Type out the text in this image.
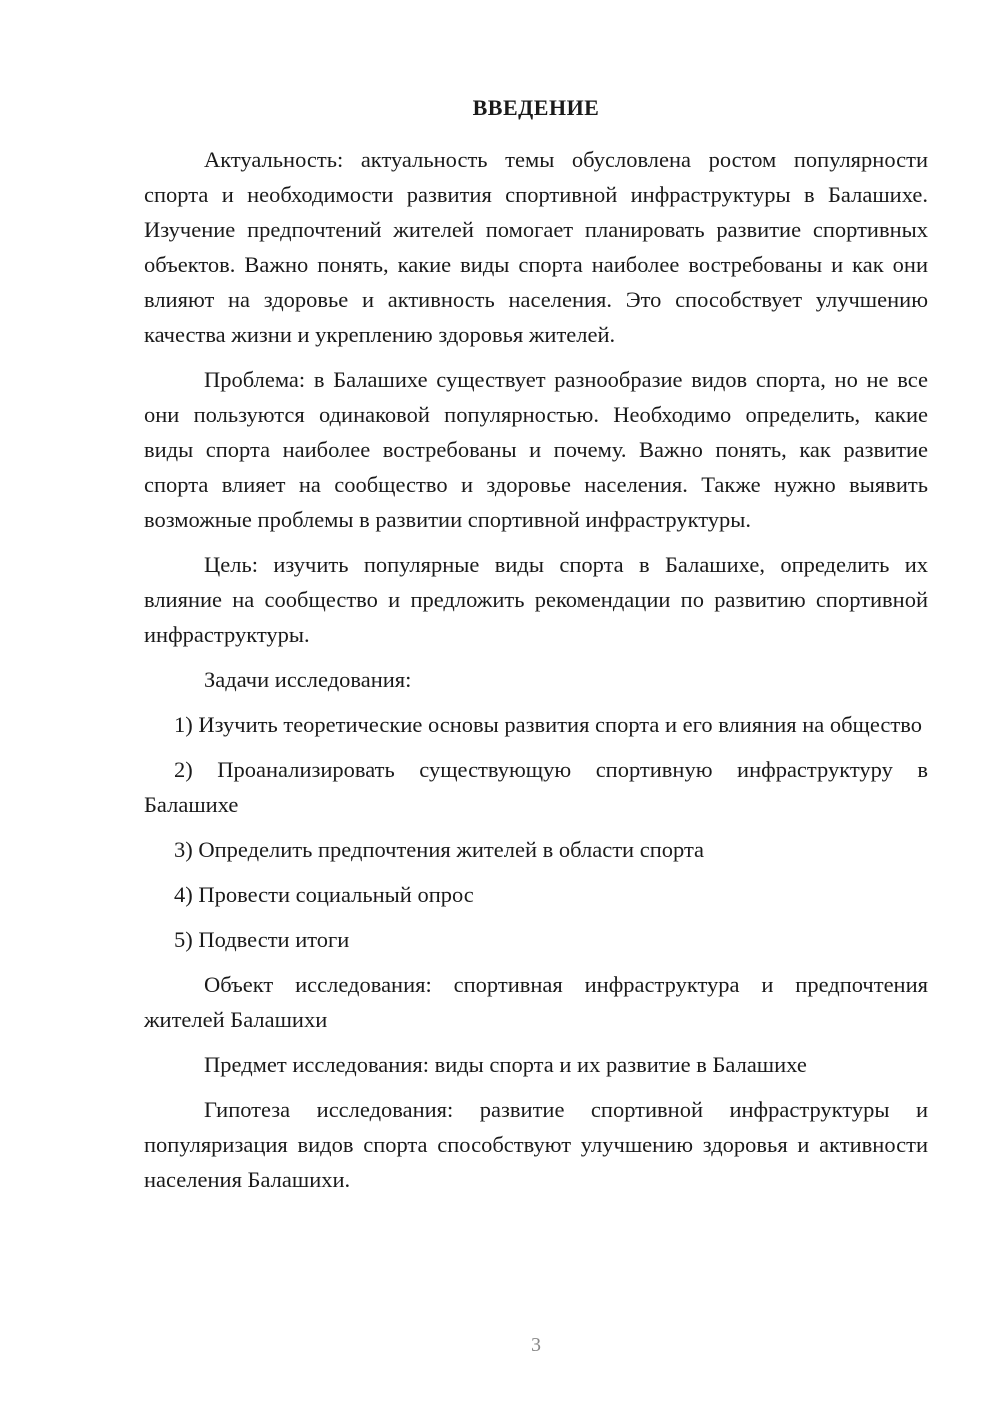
ВВЕДЕНИЕ

Актуальность: актуальность темы обусловлена ростом популярности спорта и необходимости развития спортивной инфраструктуры в Балашихе. Изучение предпочтений жителей помогает планировать развитие спортивных объектов. Важно понять, какие виды спорта наиболее востребованы и как они влияют на здоровье и активность населения. Это способствует улучшению качества жизни и укреплению здоровья жителей.

Проблема: в Балашихе существует разнообразие видов спорта, но не все они пользуются одинаковой популярностью. Необходимо определить, какие виды спорта наиболее востребованы и почему. Важно понять, как развитие спорта влияет на сообщество и здоровье населения. Также нужно выявить возможные проблемы в развитии спортивной инфраструктуры.

Цель: изучить популярные виды спорта в Балашихе, определить их влияние на сообщество и предложить рекомендации по развитию спортивной инфраструктуры.

Задачи исследования:

1) Изучить теоретические основы развития спорта и его влияния на общество

2) Проанализировать существующую спортивную инфраструктуру в Балашихе

3) Определить предпочтения жителей в области спорта

4) Провести социальный опрос

5) Подвести итоги

Объект исследования: спортивная инфраструктура и предпочтения жителей Балашихи

Предмет исследования: виды спорта и их развитие в Балашихе

Гипотеза исследования: развитие спортивной инфраструктуры и популяризация видов спорта способствуют улучшению здоровья и активности населения Балашихи.

3
